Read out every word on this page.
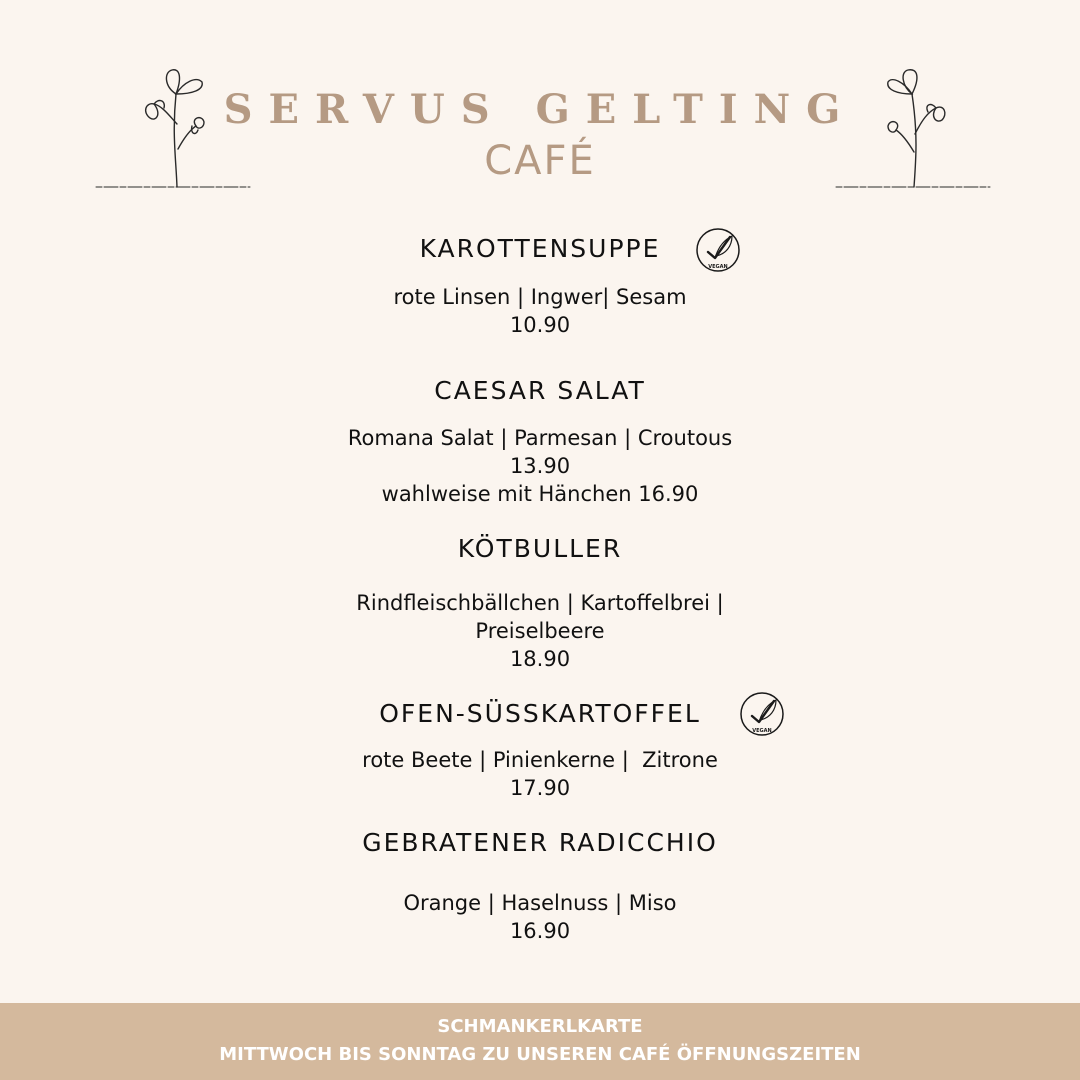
SERVUS GELTING
CAFÉ
KAROTTENSUPPE
VEGAN
rote Linsen | Ingwer| Sesam
10.90
CAESAR SALAT
Romana Salat | Parmesan | Croutous
13.90
wahlweise mit Hänchen 16.90
KÖTBULLER
Rindfleischbällchen | Kartoffelbrei |
Preiselbeere
18.90
OFEN-SÜSSKARTOFFEL
VEGAN
rote Beete | Pinienkerne |  Zitrone
17.90
GEBRATENER RADICCHIO
Orange | Haselnuss | Miso
16.90
SCHMANKERLKARTE
MITTWOCH BIS SONNTAG ZU UNSEREN CAFÉ ÖFFNUNGSZEITEN
